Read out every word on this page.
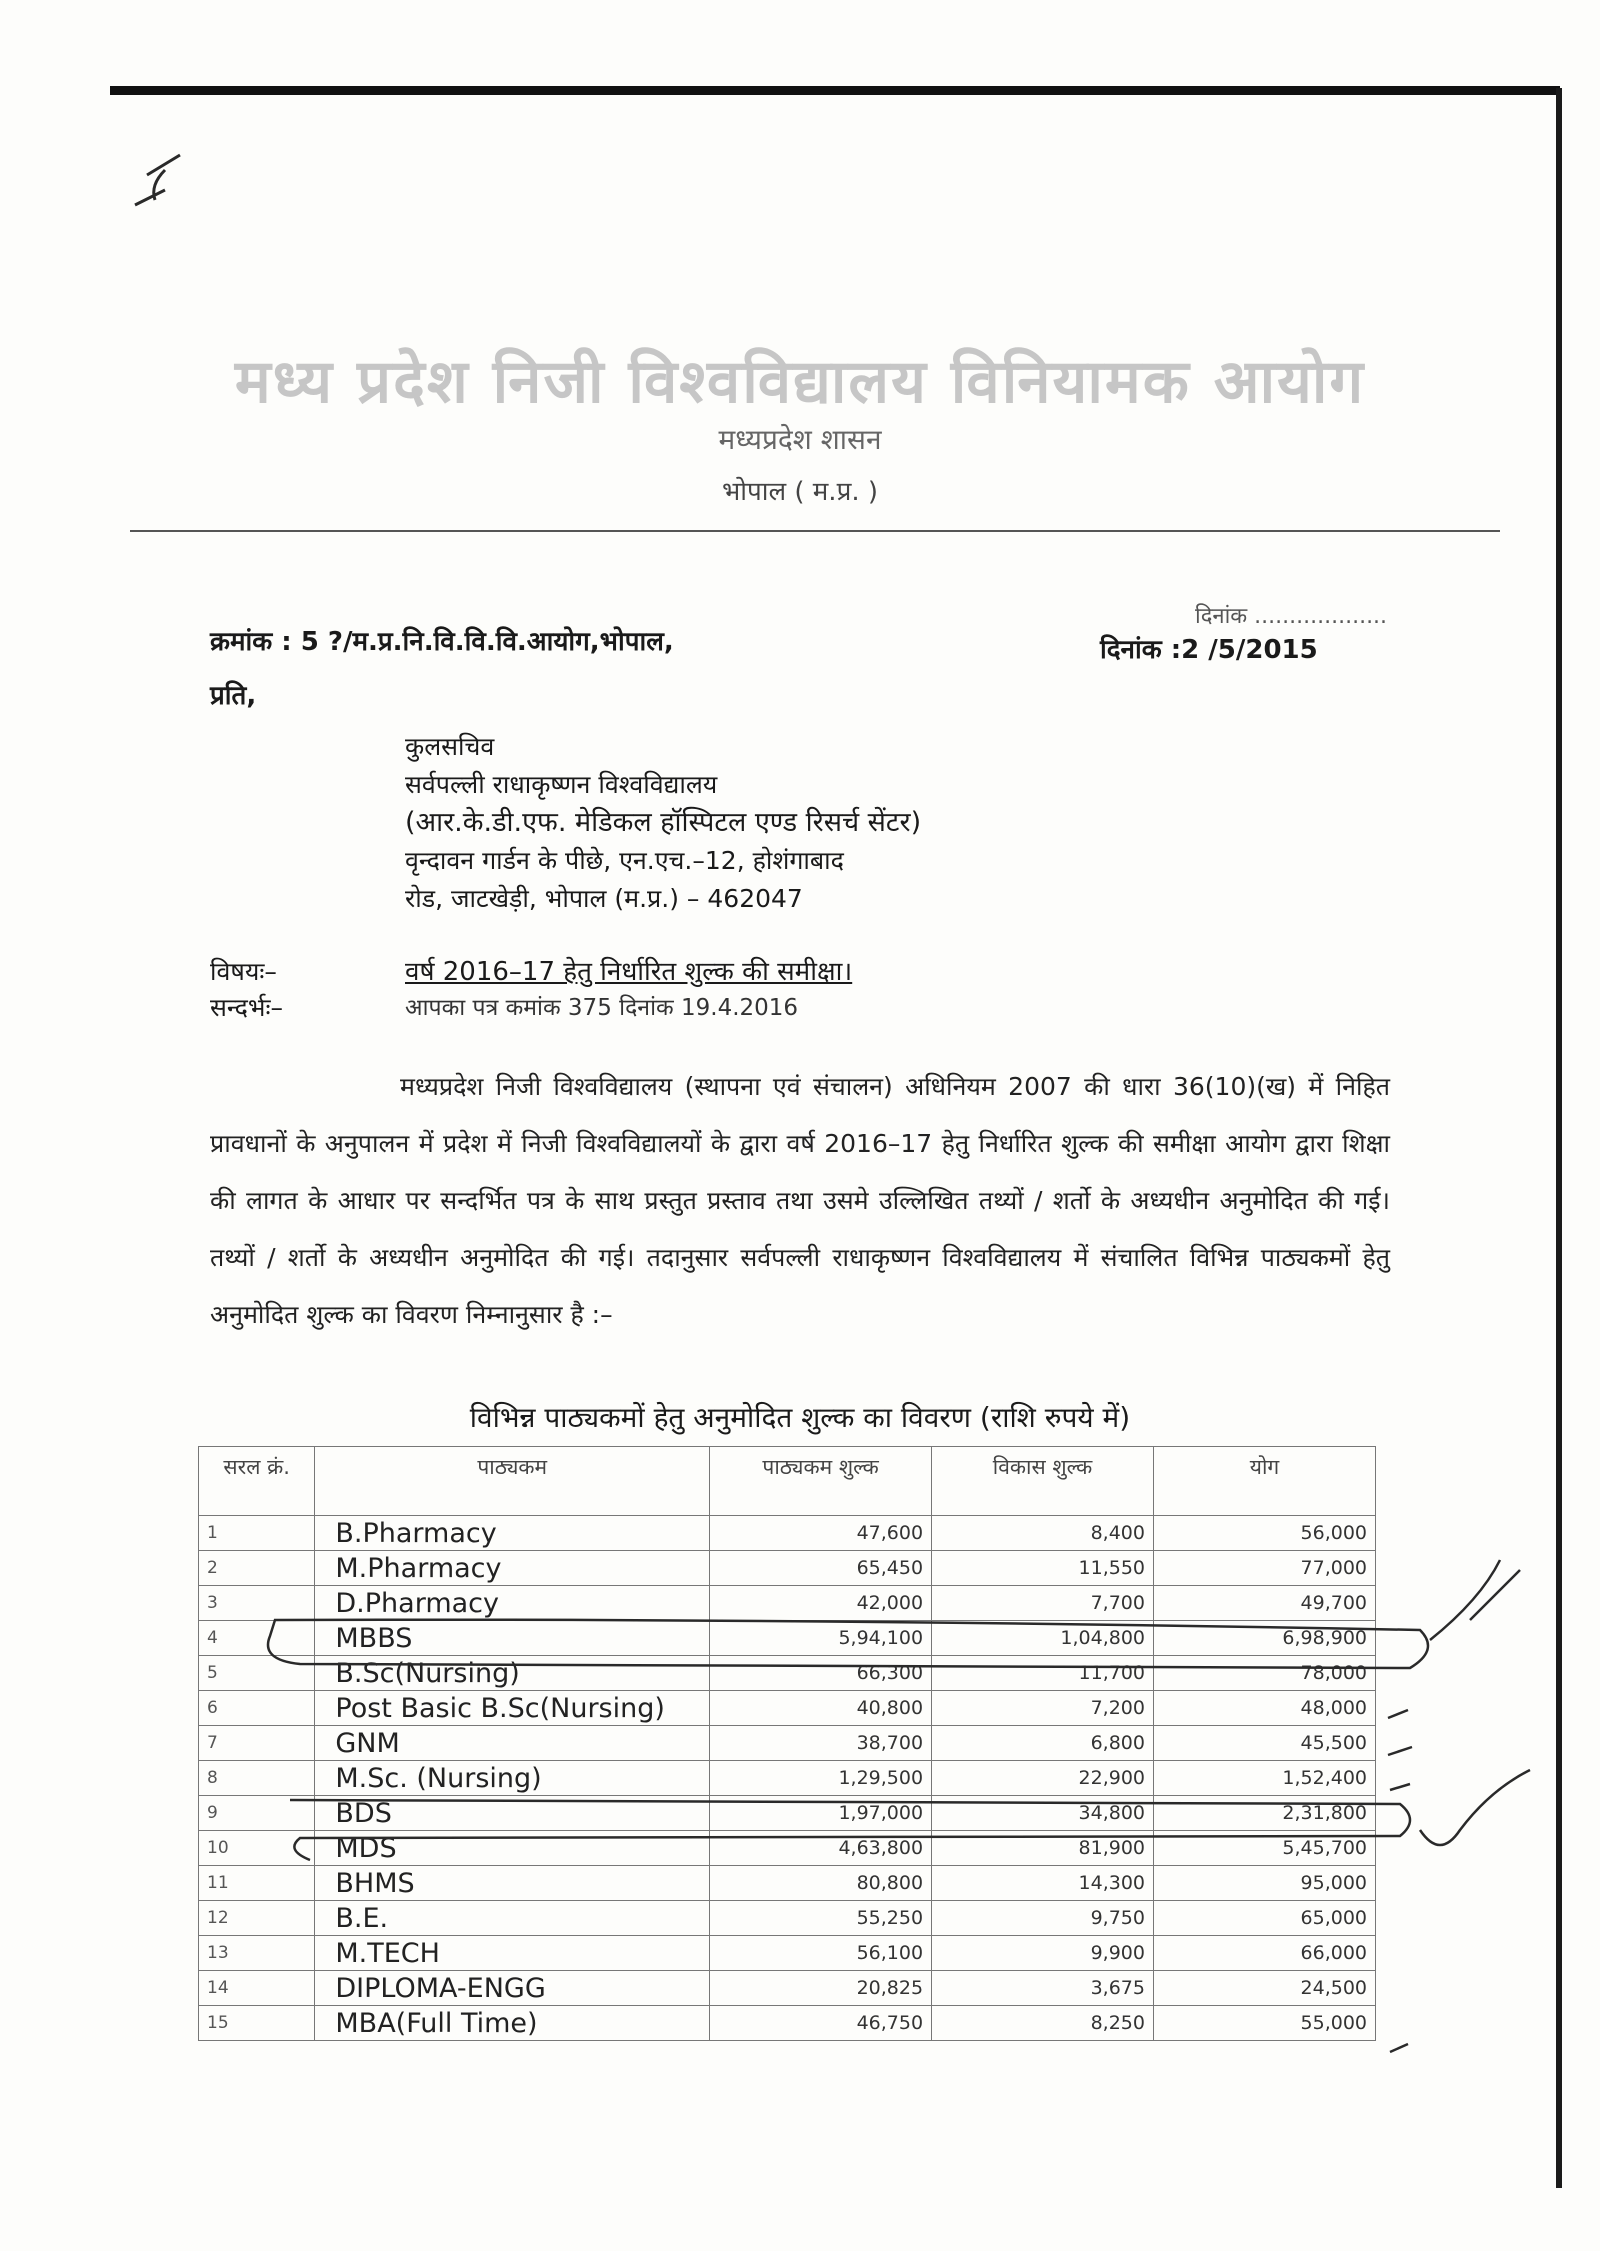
मध्य प्रदेश निजी विश्वविद्यालय विनियामक आयोग
मध्यप्रदेश शासन
भोपाल ( म.प्र. )
क्रमांक : 5 ?/म.प्र.नि.वि.वि.वि.आयोग,भोपाल,
दिनांक ...................
दिनांक :2 /5/2015
प्रति,
कुलसचिव
सर्वपल्ली राधाकृष्णन विश्वविद्यालय
(आर.के.डी.एफ. मेडिकल हॉस्पिटल एण्ड रिसर्च सेंटर)
वृन्दावन गार्डन के पीछे, एन.एच.–12, होशंगाबाद
रोड, जाटखेड़ी, भोपाल (म.प्र.) – 462047
विषयः–	वर्ष 2016–17 हेतु निर्धारित शुल्क की समीक्षा।
सन्दर्भः–	आपका पत्र कमांक 375 दिनांक 19.4.2016
मध्यप्रदेश निजी विश्वविद्यालय (स्थापना एवं संचालन) अधिनियम 2007 की धारा 36(10)(ख) में निहित प्रावधानों के अनुपालन में प्रदेश में निजी विश्वविद्यालयों के द्वारा वर्ष 2016–17 हेतु निर्धारित शुल्क की समीक्षा आयोग द्वारा शिक्षा की लागत के आधार पर सन्दर्भित पत्र के साथ प्रस्तुत प्रस्ताव तथा उसमे उल्लिखित तथ्यों / शर्तो के अध्यधीन अनुमोदित की गई। तथ्यों / शर्तो के अध्यधीन अनुमोदित की गई। तदानुसार सर्वपल्ली राधाकृष्णन विश्वविद्यालय में संचालित विभिन्न पाठ्यकमों हेतु अनुमोदित शुल्क का विवरण निम्नानुसार है :–
विभिन्न पाठ्यकमों हेतु अनुमोदित शुल्क का विवरण (राशि रुपये में)
सरल क्रं.	पाठ्यकम	पाठ्यकम शुल्क	विकास शुल्क	योग
1	B.Pharmacy	47,600	8,400	56,000
2	M.Pharmacy	65,450	11,550	77,000
3	D.Pharmacy	42,000	7,700	49,700
4	MBBS	5,94,100	1,04,800	6,98,900
5	B.Sc(Nursing)	66,300	11,700	78,000
6	Post Basic B.Sc(Nursing)	40,800	7,200	48,000
7	GNM	38,700	6,800	45,500
8	M.Sc. (Nursing)	1,29,500	22,900	1,52,400
9	BDS	1,97,000	34,800	2,31,800
10	MDS	4,63,800	81,900	5,45,700
11	BHMS	80,800	14,300	95,000
12	B.E.	55,250	9,750	65,000
13	M.TECH	56,100	9,900	66,000
14	DIPLOMA-ENGG	20,825	3,675	24,500
15	MBA(Full Time)	46,750	8,250	55,000
